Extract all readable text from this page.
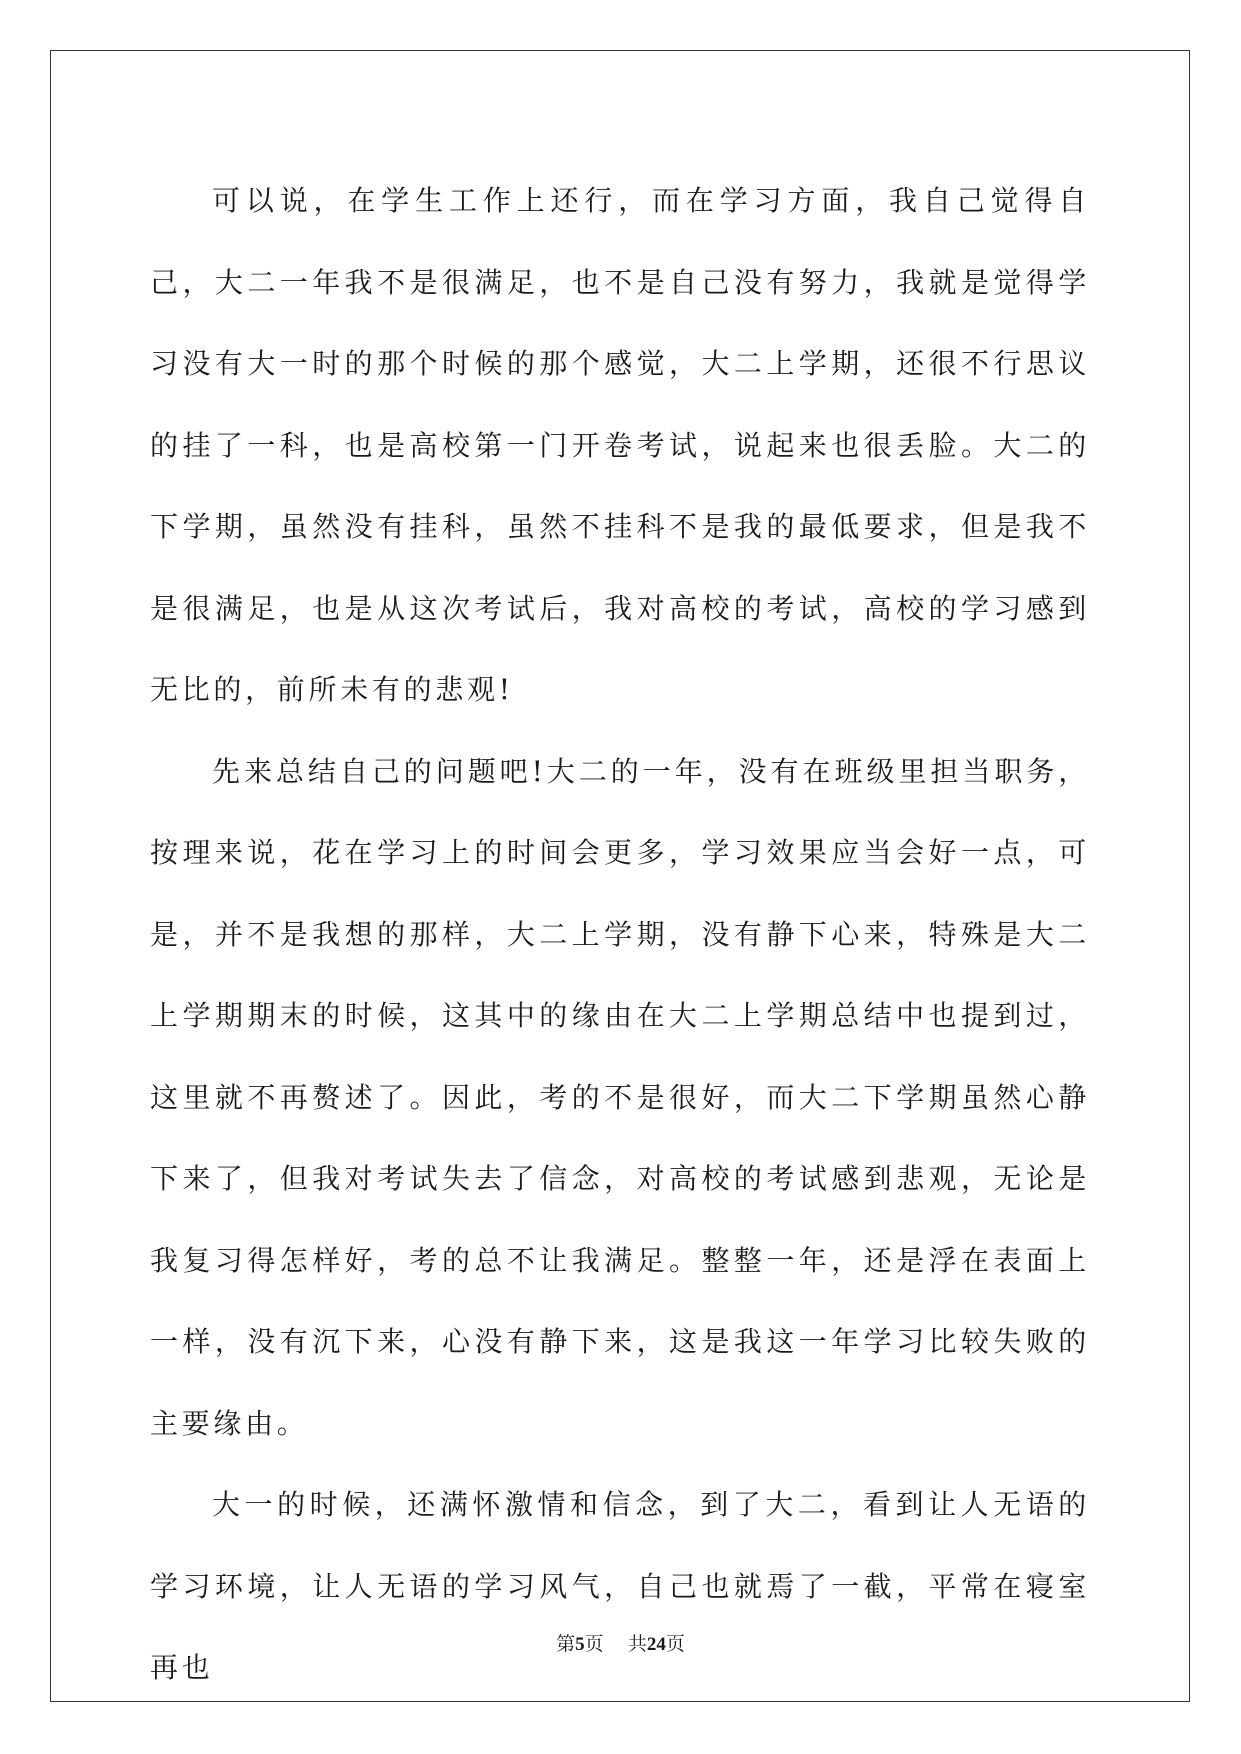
可以说，在学生工作上还行，而在学习方面，我自己觉得自己，大二一年我不是很满足，也不是自己没有努力，我就是觉得学习没有大一时的那个时候的那个感觉，大二上学期，还很不行思议的挂了一科，也是高校第一门开卷考试，说起来也很丢脸。大二的下学期，虽然没有挂科，虽然不挂科不是我的最低要求，但是我不是很满足，也是从这次考试后，我对高校的考试，高校的学习感到无比的，前所未有的悲观!

先来总结自己的问题吧!大二的一年，没有在班级里担当职务，按理来说，花在学习上的时间会更多，学习效果应当会好一点，可是，并不是我想的那样，大二上学期，没有静下心来，特殊是大二上学期期末的时候，这其中的缘由在大二上学期总结中也提到过，这里就不再赘述了。因此，考的不是很好，而大二下学期虽然心静下来了，但我对考试失去了信念，对高校的考试感到悲观，无论是我复习得怎样好，考的总不让我满足。整整一年，还是浮在表面上一样，没有沉下来，心没有静下来，这是我这一年学习比较失败的主要缘由。

大一的时候，还满怀激情和信念，到了大二，看到让人无语的学习环境，让人无语的学习风气，自己也就焉了一截，平常在寝室再也

第5页 共24页
